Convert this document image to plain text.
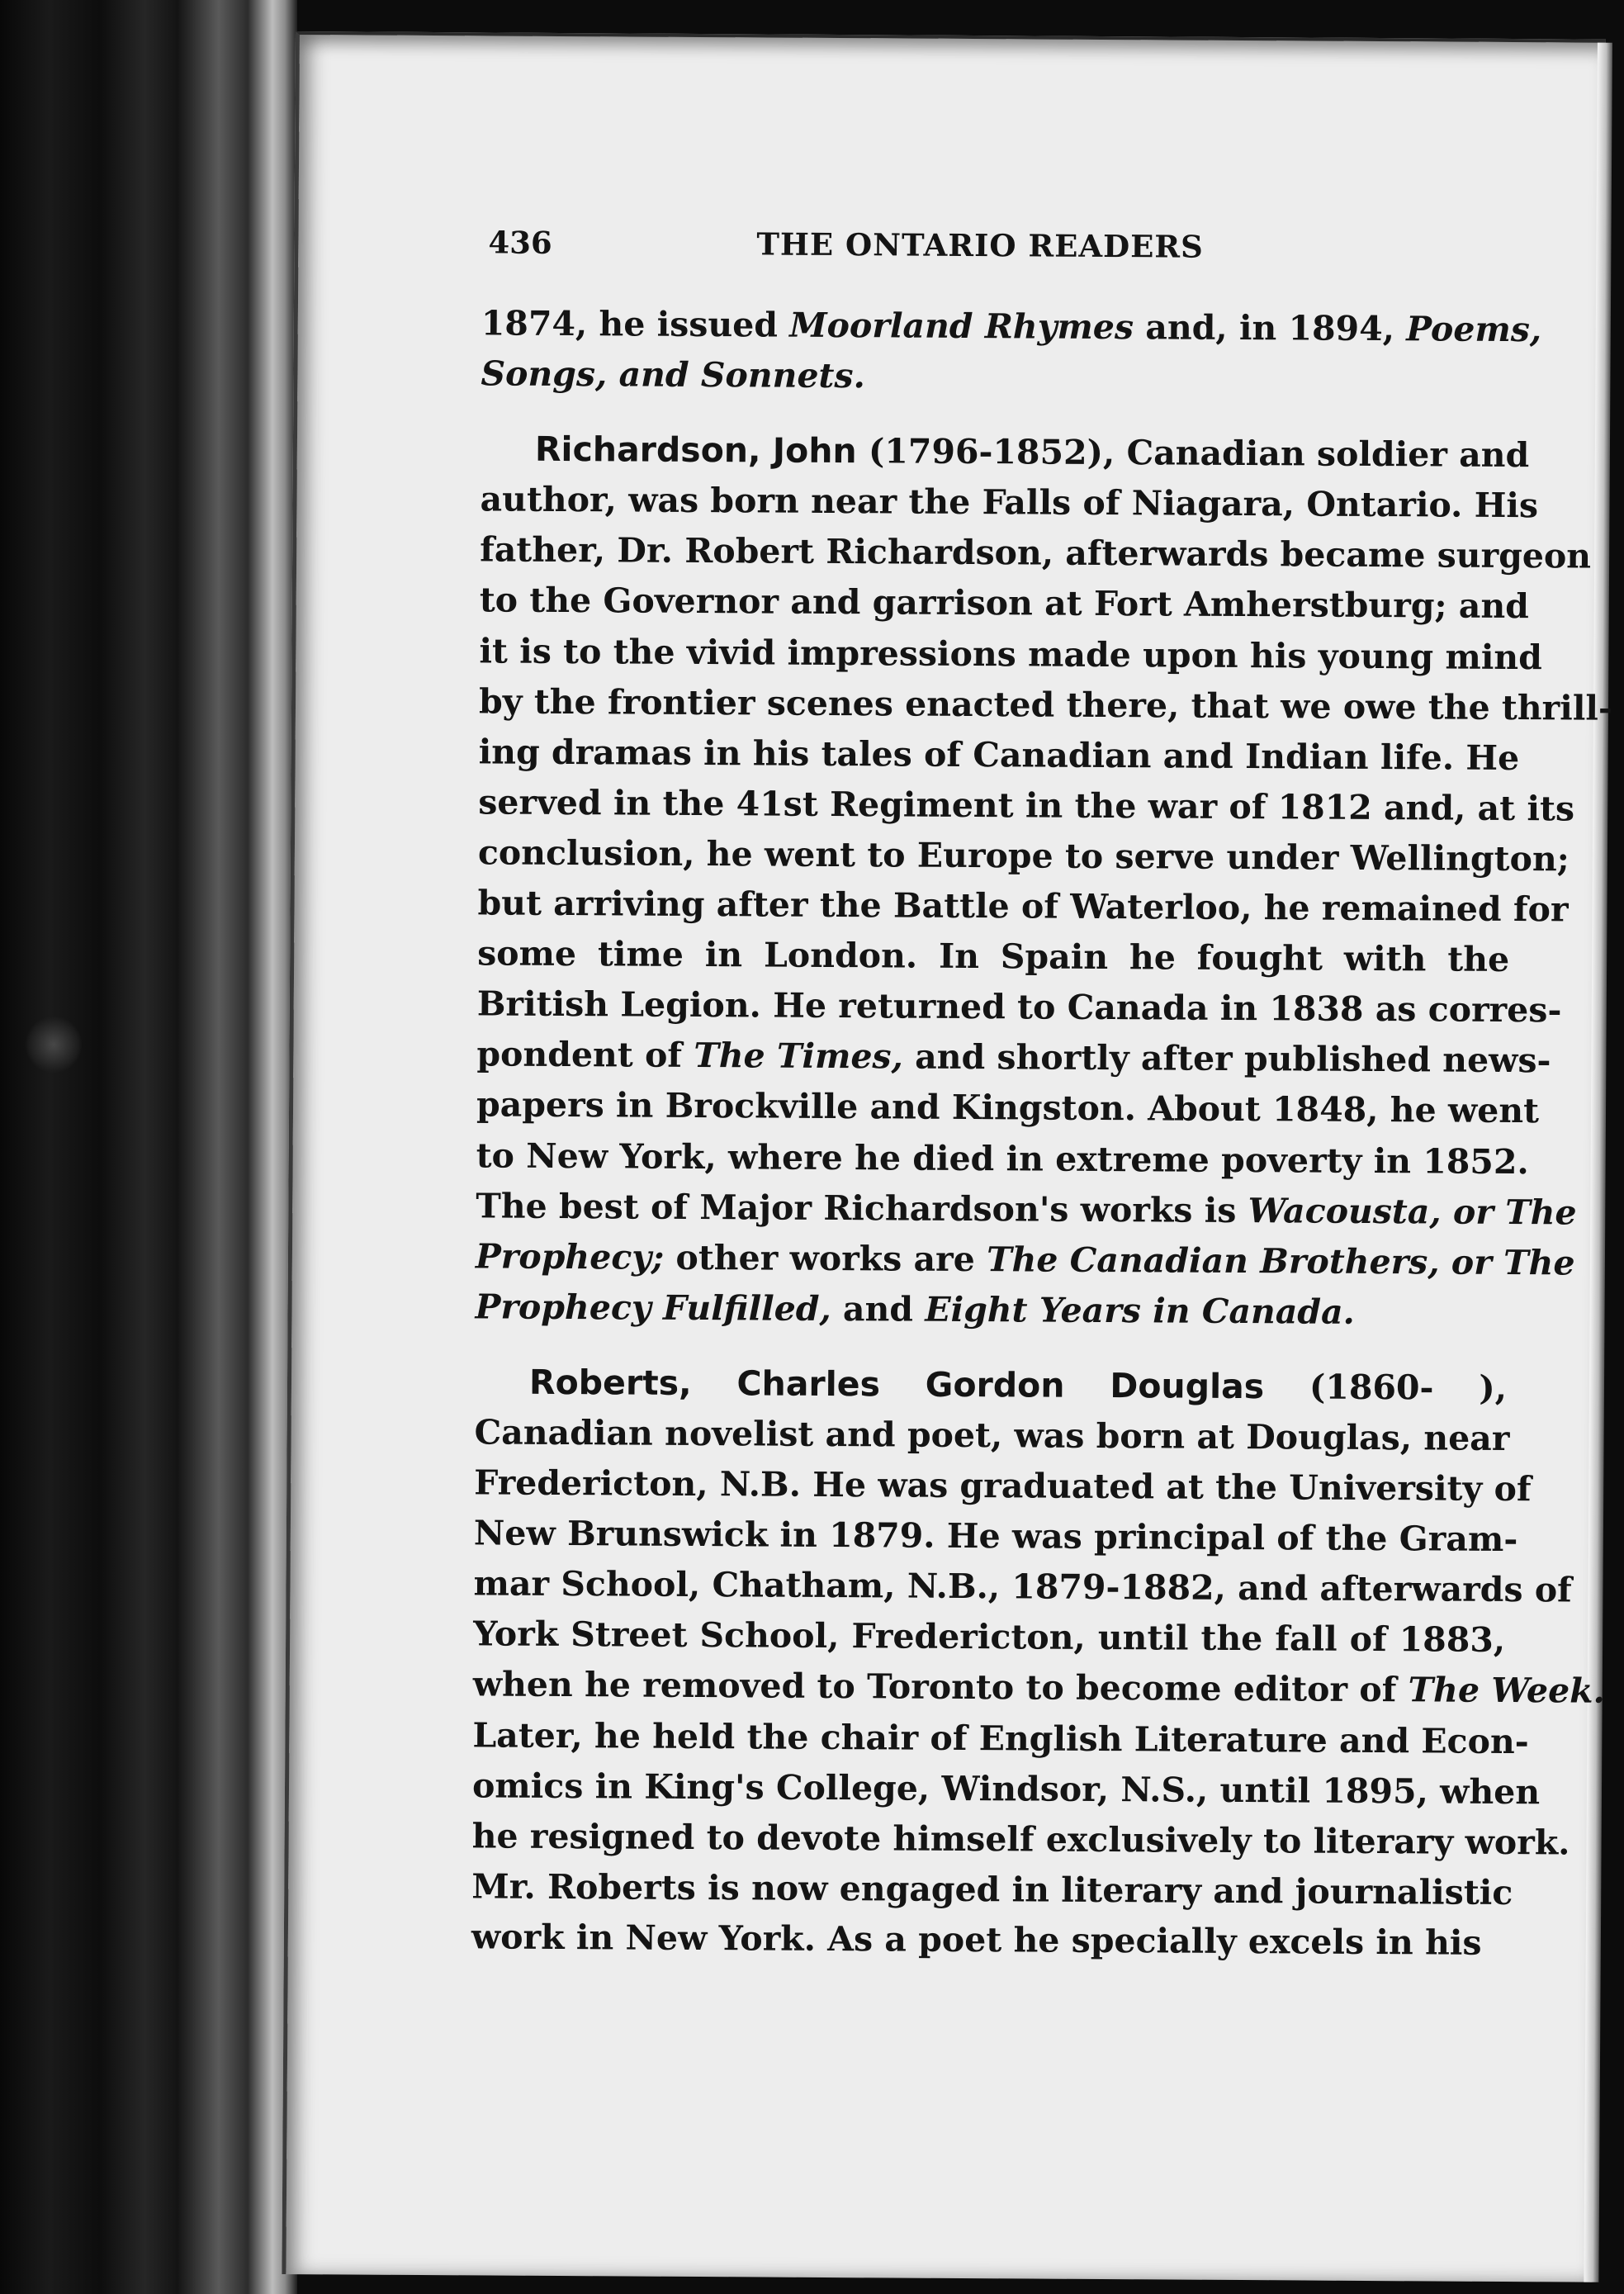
436	THE ONTARIO READERS
1874, he issued Moorland Rhymes and, in 1894, Poems,
Songs, and Sonnets.
Richardson, John (1796-1852), Canadian soldier and
author, was born near the Falls of Niagara, Ontario. His
father, Dr. Robert Richardson, afterwards became surgeon
to the Governor and garrison at Fort Amherstburg; and
it is to the vivid impressions made upon his young mind
by the frontier scenes enacted there, that we owe the thrill-
ing dramas in his tales of Canadian and Indian life. He
served in the 41st Regiment in the war of 1812 and, at its
conclusion, he went to Europe to serve under Wellington;
but arriving after the Battle of Waterloo, he remained for
some time in London. In Spain he fought with the
British Legion. He returned to Canada in 1838 as corres-
pondent of The Times, and shortly after published news-
papers in Brockville and Kingston. About 1848, he went
to New York, where he died in extreme poverty in 1852.
The best of Major Richardson's works is Wacousta, or The
Prophecy; other works are The Canadian Brothers, or The
Prophecy Fulfilled, and Eight Years in Canada.
Roberts, Charles Gordon Douglas (1860- ),
Canadian novelist and poet, was born at Douglas, near
Fredericton, N.B. He was graduated at the University of
New Brunswick in 1879. He was principal of the Gram-
mar School, Chatham, N.B., 1879-1882, and afterwards of
York Street School, Fredericton, until the fall of 1883,
when he removed to Toronto to become editor of The Week.
Later, he held the chair of English Literature and Econ-
omics in King's College, Windsor, N.S., until 1895, when
he resigned to devote himself exclusively to literary work.
Mr. Roberts is now engaged in literary and journalistic
work in New York. As a poet he specially excels in his
